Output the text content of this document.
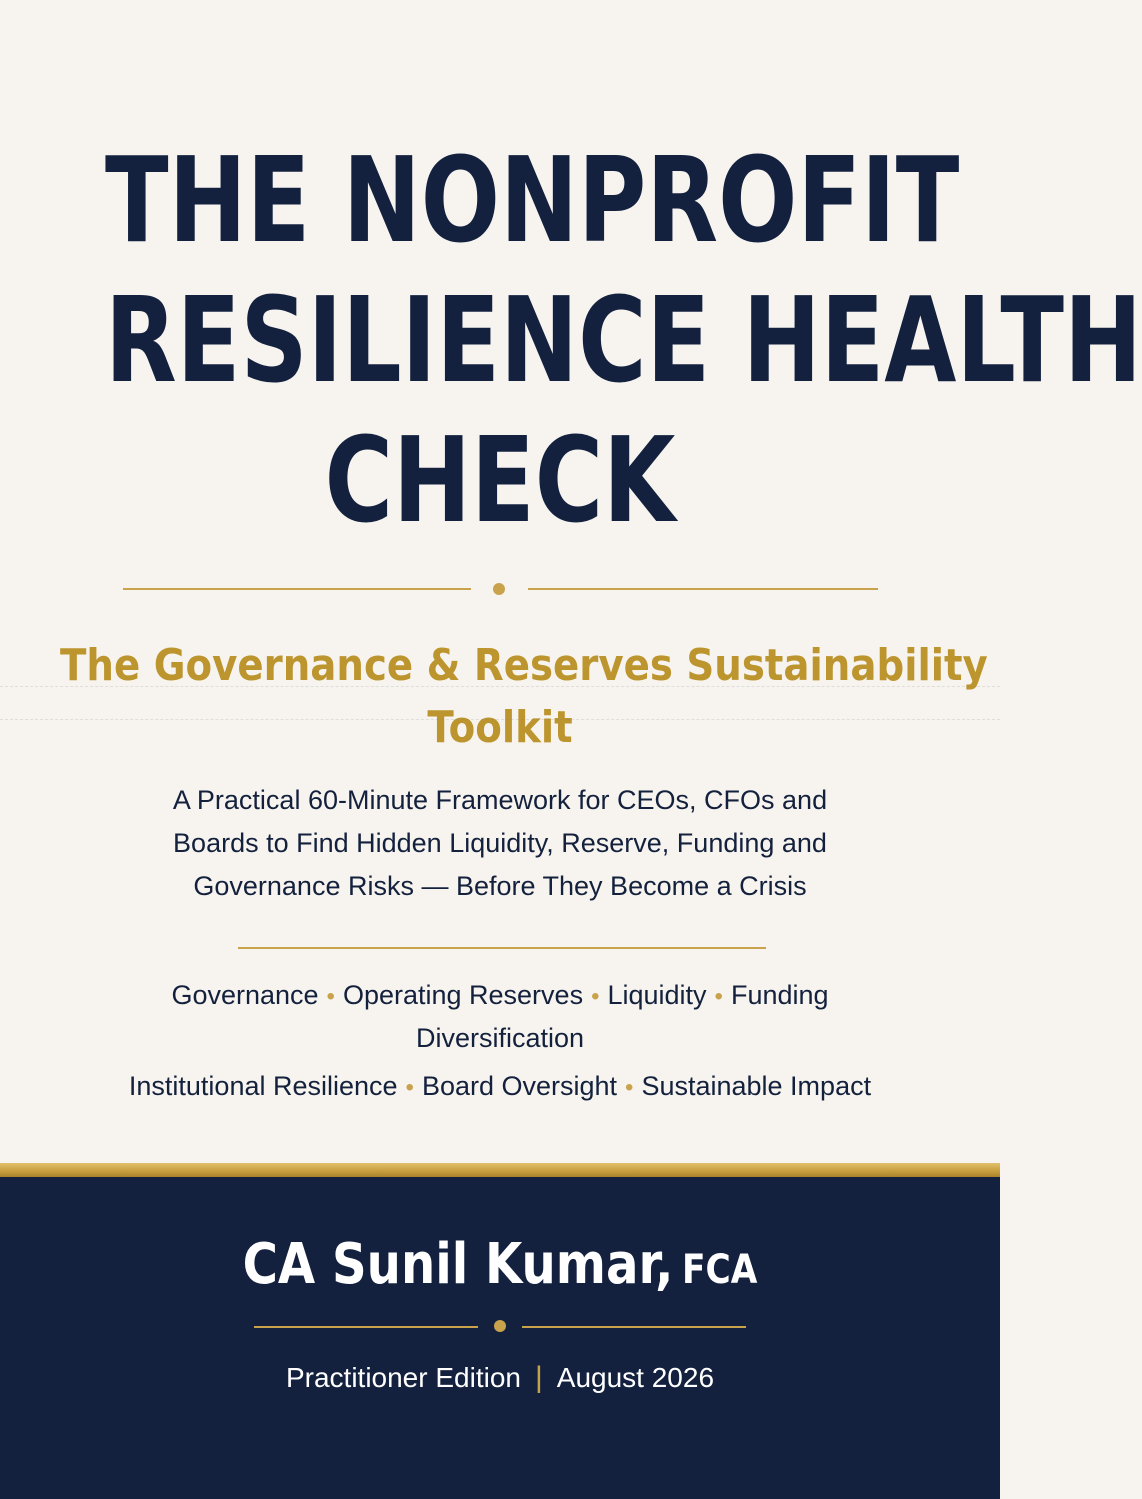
THE NONPROFIT
RESILIENCE HEALTH
CHECK
The Governance & Reserves Sustainability
Toolkit

A Practical 60-Minute Framework for CEOs, CFOs and
Boards to Find Hidden Liquidity, Reserve, Funding and
Governance Risks — Before They Become a Crisis

Governance • Operating Reserves • Liquidity • Funding
Diversification
Institutional Resilience • Board Oversight • Sustainable Impact
CA Sunil Kumar, FCA
Practitioner Edition | August 2026
